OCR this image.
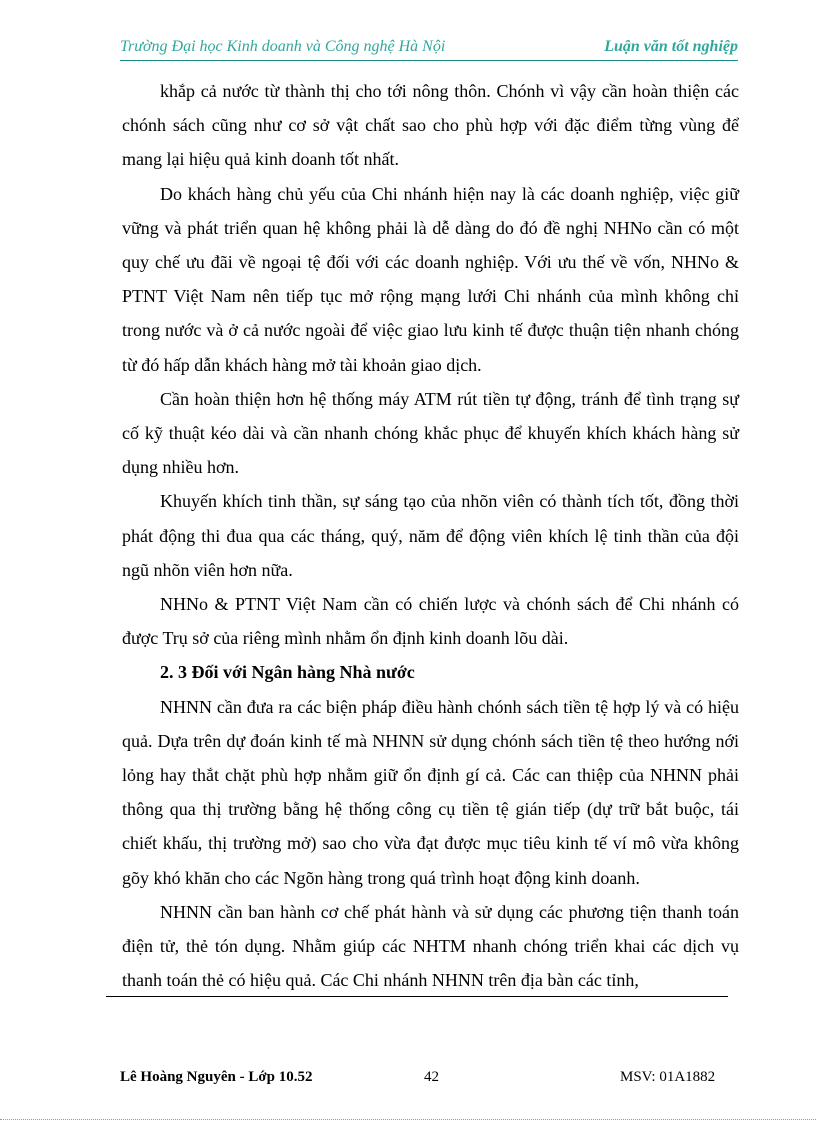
Trường Đại học Kinh doanh và Công nghệ Hà Nội	Luận văn tốt nghiệp

khắp cả nước từ thành thị cho tới nông thôn. Chónh vì vậy cần hoàn thiện các chónh sách cũng như cơ sở vật chất sao cho phù hợp với đặc điểm từng vùng để mang lại hiệu quả kinh doanh tốt nhất.

Do khách hàng chủ yếu của Chi nhánh hiện nay là các doanh nghiệp, việc giữ vững và phát triển quan hệ không phải là dễ dàng do đó đề nghị NHNo cần có một quy chế ưu đãi về ngoại tệ đối với các doanh nghiệp. Với ưu thế về vốn, NHNo & PTNT Việt Nam nên tiếp tục mở rộng mạng lưới Chi nhánh của mình không chỉ trong nước và ở cả nước ngoài để việc giao lưu kinh tế được thuận tiện nhanh chóng từ đó hấp dẫn khách hàng mở tài khoản giao dịch.

Cần hoàn thiện hơn hệ thống máy ATM rút tiền tự động, tránh để tình trạng sự cố kỹ thuật kéo dài và cần nhanh chóng khắc phục để khuyến khích khách hàng sử dụng nhiều hơn.

Khuyến khích tinh thần, sự sáng tạo của nhõn viên có thành tích tốt, đồng thời phát động thi đua qua các tháng, quý, năm để động viên khích lệ tinh thần của đội ngũ nhõn viên hơn nữa.

NHNo & PTNT Việt Nam cần có chiến lược và chónh sách để Chi nhánh có được Trụ sở của riêng mình nhằm ổn định kinh doanh lõu dài.

2. 3 Đối với Ngân hàng Nhà nước

NHNN cần đưa ra các biện pháp điều hành chónh sách tiền tệ hợp lý và có hiệu quả. Dựa trên dự đoán kinh tế mà NHNN sử dụng chónh sách tiền tệ theo hướng nới lỏng hay thắt chặt phù hợp nhằm giữ ổn định gí cả. Các can thiệp của NHNN phải thông qua thị trường bằng hệ thống công cụ tiền tệ gián tiếp (dự trữ bắt buộc, tái chiết khấu, thị trường mở) sao cho vừa đạt được mục tiêu kinh tế ví mô vừa không gõy khó khăn cho các Ngõn hàng trong quá trình hoạt động kinh doanh.

NHNN cần ban hành cơ chế phát hành và sử dụng các phương tiện thanh toán điện tử, thẻ tón dụng. Nhằm giúp các NHTM nhanh chóng triển khai các dịch vụ thanh toán thẻ có hiệu quả. Các Chi nhánh NHNN trên địa bàn các tỉnh,

Lê Hoàng Nguyên - Lớp 10.52	42	MSV: 01A1882
